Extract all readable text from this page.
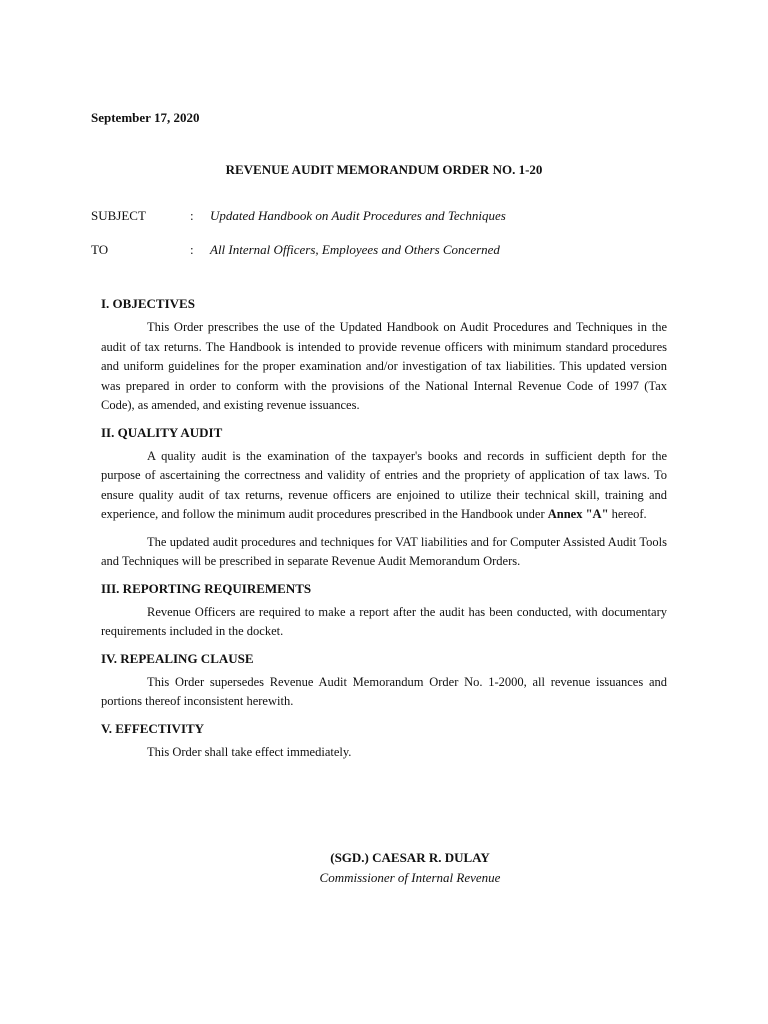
September 17, 2020
REVENUE AUDIT MEMORANDUM ORDER NO. 1-20
SUBJECT	: Updated Handbook on Audit Procedures and Techniques
TO	: All Internal Officers, Employees and Others Concerned
I. OBJECTIVES

This Order prescribes the use of the Updated Handbook on Audit Procedures and Techniques in the audit of tax returns. The Handbook is intended to provide revenue officers with minimum standard procedures and uniform guidelines for the proper examination and/or investigation of tax liabilities. This updated version was prepared in order to conform with the provisions of the National Internal Revenue Code of 1997 (Tax Code), as amended, and existing revenue issuances.

II. QUALITY AUDIT

A quality audit is the examination of the taxpayer's books and records in sufficient depth for the purpose of ascertaining the correctness and validity of entries and the propriety of application of tax laws. To ensure quality audit of tax returns, revenue officers are enjoined to utilize their technical skill, training and experience, and follow the minimum audit procedures prescribed in the Handbook under Annex "A" hereof.

The updated audit procedures and techniques for VAT liabilities and for Computer Assisted Audit Tools and Techniques will be prescribed in separate Revenue Audit Memorandum Orders.

III. REPORTING REQUIREMENTS

Revenue Officers are required to make a report after the audit has been conducted, with documentary requirements included in the docket.

IV. REPEALING CLAUSE

This Order supersedes Revenue Audit Memorandum Order No. 1-2000, all revenue issuances and portions thereof inconsistent herewith.

V. EFFECTIVITY

This Order shall take effect immediately.

(SGD.) CAESAR R. DULAY
Commissioner of Internal Revenue
